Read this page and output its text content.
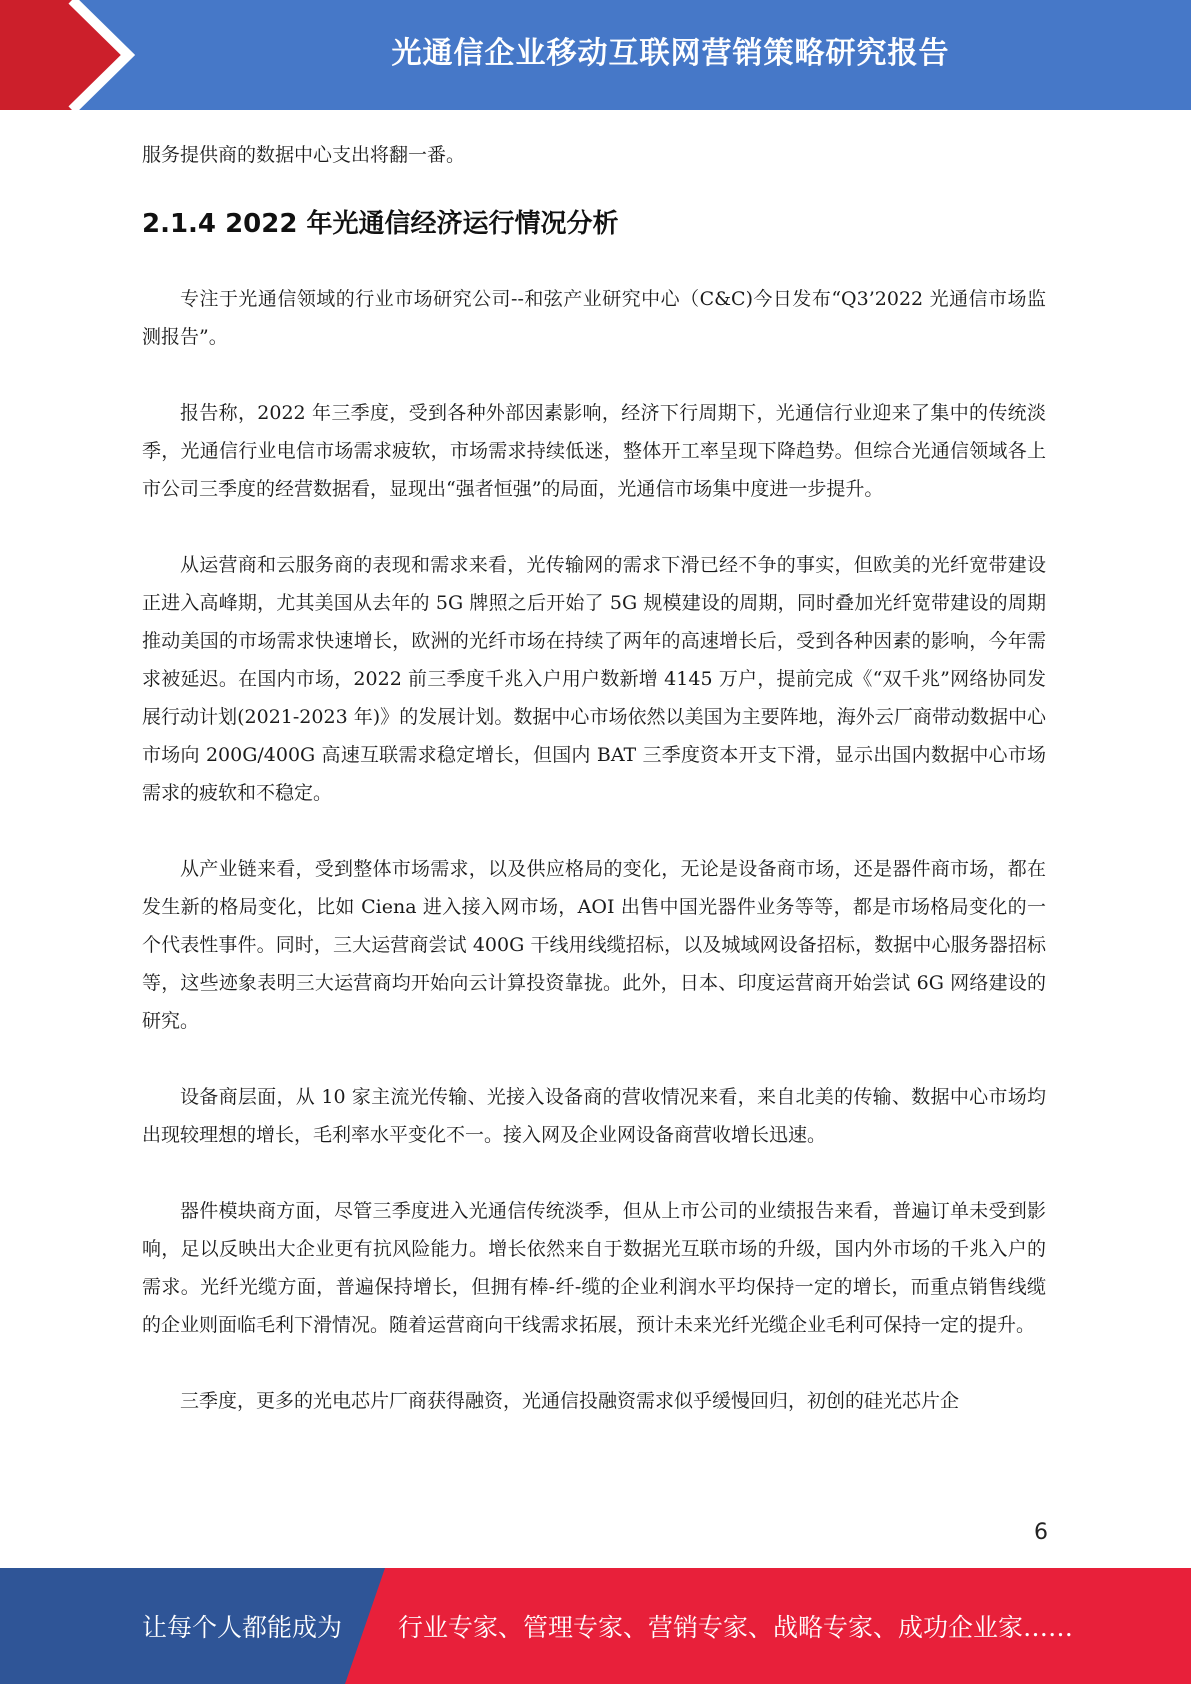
光通信企业移动互联网营销策略研究报告

服务提供商的数据中心支出将翻一番。

2.1.4 2022 年光通信经济运行情况分析

专注于光通信领域的行业市场研究公司--和弦产业研究中心（C&C)今日发布“Q3’2022 光通信市场监测报告”。

报告称，2022 年三季度，受到各种外部因素影响，经济下行周期下，光通信行业迎来了集中的传统淡季，光通信行业电信市场需求疲软，市场需求持续低迷，整体开工率呈现下降趋势。但综合光通信领域各上市公司三季度的经营数据看，显现出“强者恒强”的局面，光通信市场集中度进一步提升。

从运营商和云服务商的表现和需求来看，光传输网的需求下滑已经不争的事实，但欧美的光纤宽带建设正进入高峰期，尤其美国从去年的 5G 牌照之后开始了 5G 规模建设的周期，同时叠加光纤宽带建设的周期推动美国的市场需求快速增长，欧洲的光纤市场在持续了两年的高速增长后，受到各种因素的影响，今年需求被延迟。在国内市场，2022 前三季度千兆入户用户数新增 4145 万户，提前完成《“双千兆”网络协同发展行动计划(2021-2023 年)》的发展计划。数据中心市场依然以美国为主要阵地，海外云厂商带动数据中心市场向 200G/400G 高速互联需求稳定增长，但国内 BAT 三季度资本开支下滑，显示出国内数据中心市场需求的疲软和不稳定。

从产业链来看，受到整体市场需求，以及供应格局的变化，无论是设备商市场，还是器件商市场，都在发生新的格局变化，比如 Ciena 进入接入网市场，AOI 出售中国光器件业务等等，都是市场格局变化的一个代表性事件。同时，三大运营商尝试 400G 干线用线缆招标，以及城域网设备招标，数据中心服务器招标等，这些迹象表明三大运营商均开始向云计算投资靠拢。此外，日本、印度运营商开始尝试 6G 网络建设的研究。

设备商层面，从 10 家主流光传输、光接入设备商的营收情况来看，来自北美的传输、数据中心市场均出现较理想的增长，毛利率水平变化不一。接入网及企业网设备商营收增长迅速。

器件模块商方面，尽管三季度进入光通信传统淡季，但从上市公司的业绩报告来看，普遍订单未受到影响，足以反映出大企业更有抗风险能力。增长依然来自于数据光互联市场的升级，国内外市场的千兆入户的需求。光纤光缆方面，普遍保持增长，但拥有棒-纤-缆的企业利润水平均保持一定的增长，而重点销售线缆的企业则面临毛利下滑情况。随着运营商向干线需求拓展，预计未来光纤光缆企业毛利可保持一定的提升。

三季度，更多的光电芯片厂商获得融资，光通信投融资需求似乎缓慢回归，初创的硅光芯片企

6
让每个人都能成为 行业专家、管理专家、营销专家、战略专家、成功企业家……
